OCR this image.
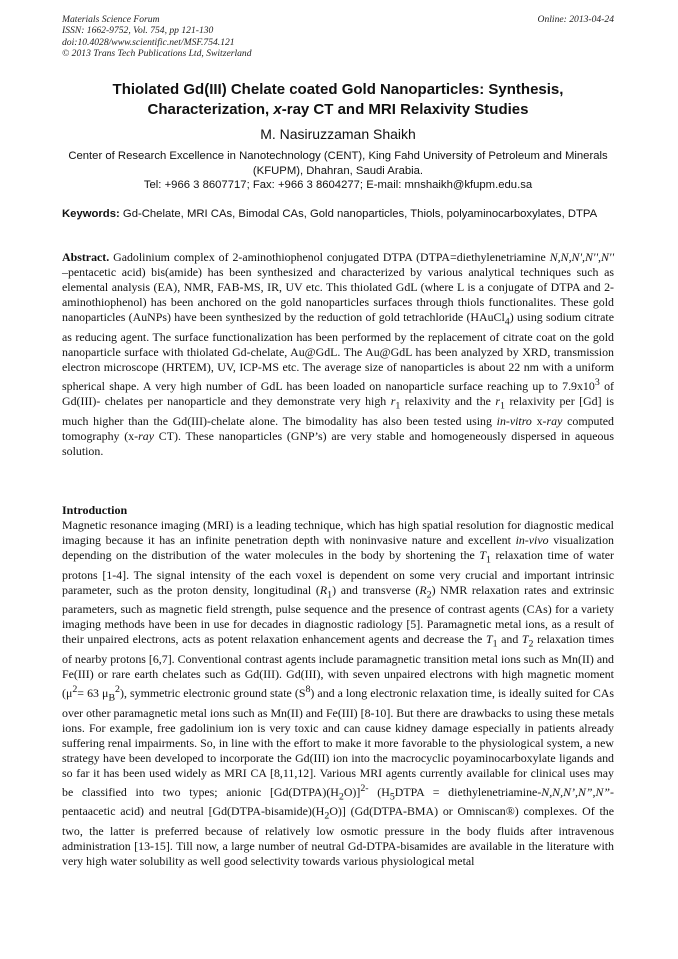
Materials Science Forum
ISSN: 1662-9752, Vol. 754, pp 121-130
doi:10.4028/www.scientific.net/MSF.754.121
© 2013 Trans Tech Publications Ltd, Switzerland
Online: 2013-04-24
Thiolated Gd(III) Chelate coated Gold Nanoparticles: Synthesis,
Characterization, x-ray CT and MRI Relaxivity Studies
M. Nasiruzzaman Shaikh
Center of Research Excellence in Nanotechnology (CENT), King Fahd University of Petroleum and Minerals (KFUPM), Dhahran, Saudi Arabia.
Tel: +966 3 8607717; Fax: +966 3 8604277; E-mail: mnshaikh@kfupm.edu.sa
Keywords: Gd-Chelate, MRI CAs, Bimodal CAs, Gold nanoparticles, Thiols, polyaminocarboxylates, DTPA
Abstract. Gadolinium complex of 2-aminothiophenol conjugated DTPA (DTPA=diethylenetriamine N,N,N',N'',N'' –pentacetic acid) bis(amide) has been synthesized and characterized by various analytical techniques such as elemental analysis (EA), NMR, FAB-MS, IR, UV etc. This thiolated GdL (where L is a conjugate of DTPA and 2-aminothiophenol) has been anchored on the gold nanoparticles surfaces through thiols functionalites. These gold nanoparticles (AuNPs) have been synthesized by the reduction of gold tetrachloride (HAuCl$_4$) using sodium citrate as reducing agent. The surface functionalization has been performed by the replacement of citrate coat on the gold nanoparticle surface with thiolated Gd-chelate, Au@GdL. The Au@GdL has been analyzed by XRD, transmission electron microscope (HRTEM), UV, ICP-MS etc. The average size of nanoparticles is about 22 nm with a uniform spherical shape. A very high number of GdL has been loaded on nanoparticle surface reaching up to $7.9x10^3$ of Gd(III)- chelates per nanoparticle and they demonstrate very high $r_1$ relaxivity and the $r_1$ relaxivity per [Gd] is much higher than the Gd(III)-chelate alone. The bimodality has also been tested using in-vitro x-ray computed tomography (x-ray CT). These nanoparticles (GNP’s) are very stable and homogeneously dispersed in aqueous solution.
Introduction
Magnetic resonance imaging (MRI) is a leading technique, which has high spatial resolution for diagnostic medical imaging because it has an infinite penetration depth with noninvasive nature and excellent in-vivo visualization depending on the distribution of the water molecules in the body by shortening the $T_1$ relaxation time of water protons [1-4]. The signal intensity of the each voxel is dependent on some very crucial and important intrinsic parameter, such as the proton density, longitudinal $(R_1)$ and transverse $(R_2)$ NMR relaxation rates and extrinsic parameters, such as magnetic field strength, pulse sequence and the presence of contrast agents (CAs) for a variety imaging methods have been in use for decades in diagnostic radiology [5]. Paramagnetic metal ions, as a result of their unpaired electrons, acts as potent relaxation enhancement agents and decrease the $T_1$ and $T_2$ relaxation times of nearby protons [6,7]. Conventional contrast agents include paramagnetic transition metal ions such as Mn(II) and Fe(III) or rare earth chelates such as Gd(III). Gd(III), with seven unpaired electrons with high magnetic moment ($\mu^2= 63$ $\mu_B^2$), symmetric electronic ground state $(S^8)$ and a long electronic relaxation time, is ideally suited for CAs over other paramagnetic metal ions such as Mn(II) and Fe(III) [8-10]. But there are drawbacks to using these metals ions. For example, free gadolinium ion is very toxic and can cause kidney damage especially in patients already suffering renal impairments. So, in line with the effort to make it more favorable to the physiological system, a new strategy have been developed to incorporate the Gd(III) ion into the macrocyclic poyaminocarboxylate ligands and so far it has been used widely as MRI CA [8,11,12]. Various MRI agents currently available for clinical uses may be classified into two types; anionic $[Gd(DTPA)(H_2O)]^{2-}$ ($H_5DTPA$ = diethylenetriamine-N,N,N’,N”,N”-pentaacetic acid) and neutral $[Gd(DTPA-bisamide)(H_2O)]$ (Gd(DTPA-BMA) or Omniscan®) complexes. Of the two, the latter is preferred because of relatively low osmotic pressure in the body fluids after intravenous administration [13-15]. Till now, a large number of neutral Gd-DTPA-bisamides are available in the literature with very high water solubility as well good selectivity towards various physiological metal
